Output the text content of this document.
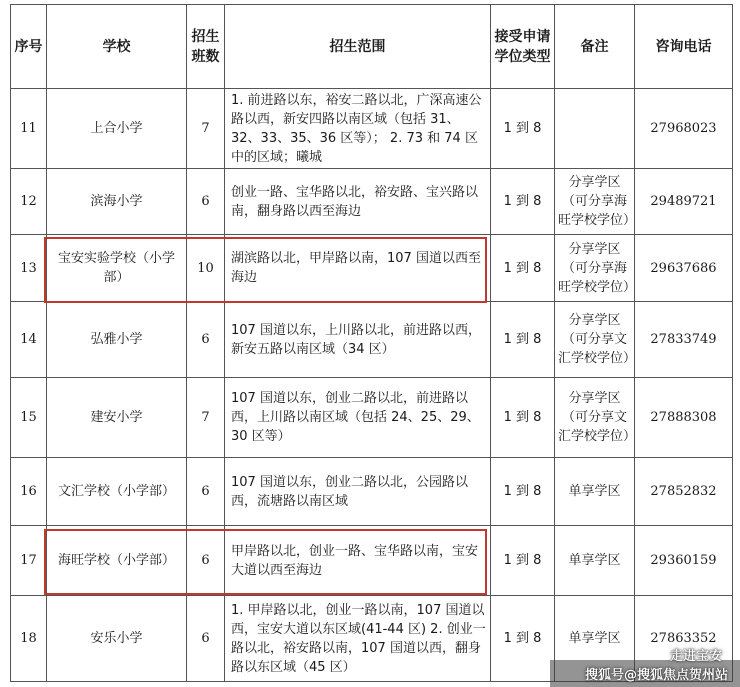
序号	学校	招生班数	招生范围	接受申请学位类型	备注	咨询电话
11	上合小学	7	1. 前进路以东，裕安二路以北，广深高速公路以西，新安四路以南区域（包括 31、32、33、35、36 区等）； 2. 73 和 74 区中的区域；曦城	1 到 8		27968023
12	滨海小学	6	创业一路、宝华路以北，裕安路、宝兴路以南，翻身路以西至海边	1 到 8	分享学区（可分享海旺学校学位）	29489721
13	宝安实验学校（小学部）	10	湖滨路以北，甲岸路以南，107 国道以西至海边	1 到 8	分享学区（可分享海旺学校学位）	29637686
14	弘雅小学	6	107 国道以东，上川路以北，前进路以西，新安五路以南区域（34 区）	1 到 8	分享学区（可分享文汇学校学位）	27833749
15	建安小学	7	107 国道以东，创业二路以北，前进路以西，上川路以南区域（包括 24、25、29、30 区等）	1 到 8	分享学区（可分享文汇学校学位）	27888308
16	文汇学校（小学部）	6	107 国道以东，创业二路以北，公园路以西，流塘路以南区域	1 到 8	单享学区	27852832
17	海旺学校（小学部）	6	甲岸路以北，创业一路、宝华路以南，宝安大道以西至海边	1 到 8	单享学区	29360159
18	安乐小学	6	1. 甲岸路以北，创业一路以南，107 国道以西，宝安大道以东区域(41-44 区) 2. 创业一路以北，裕安路以南，107 国道以西，翻身路以东区域（45 区）	1 到 8	单享学区	27863352
走进宝安
搜狐号@搜狐焦点贺州站
